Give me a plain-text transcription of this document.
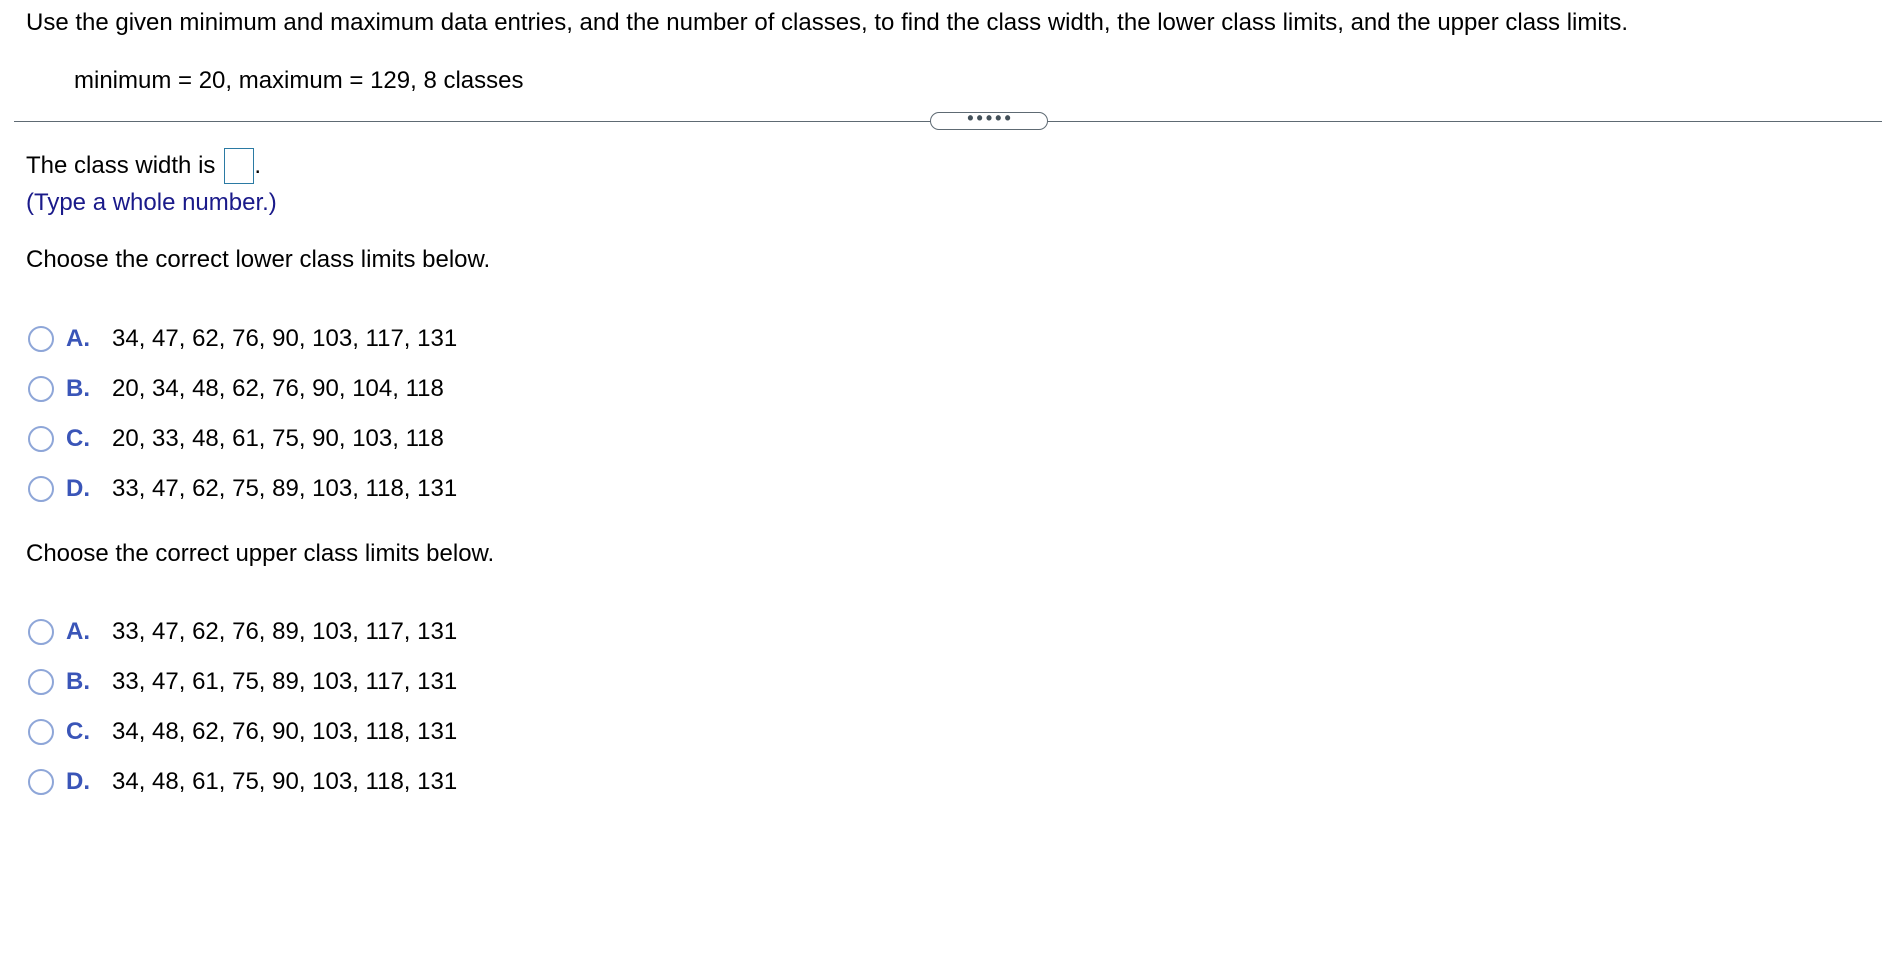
Use the given minimum and maximum data entries, and the number of classes, to find the class width, the lower class limits, and the upper class limits.
minimum = 20, maximum = 129, 8 classes
•••••
The class width is .
(Type a whole number.)
Choose the correct lower class limits below.
A. 34, 47, 62, 76, 90, 103, 117, 131
B. 20, 34, 48, 62, 76, 90, 104, 118
C. 20, 33, 48, 61, 75, 90, 103, 118
D. 33, 47, 62, 75, 89, 103, 118, 131
Choose the correct upper class limits below.
A. 33, 47, 62, 76, 89, 103, 117, 131
B. 33, 47, 61, 75, 89, 103, 117, 131
C. 34, 48, 62, 76, 90, 103, 118, 131
D. 34, 48, 61, 75, 90, 103, 118, 131
